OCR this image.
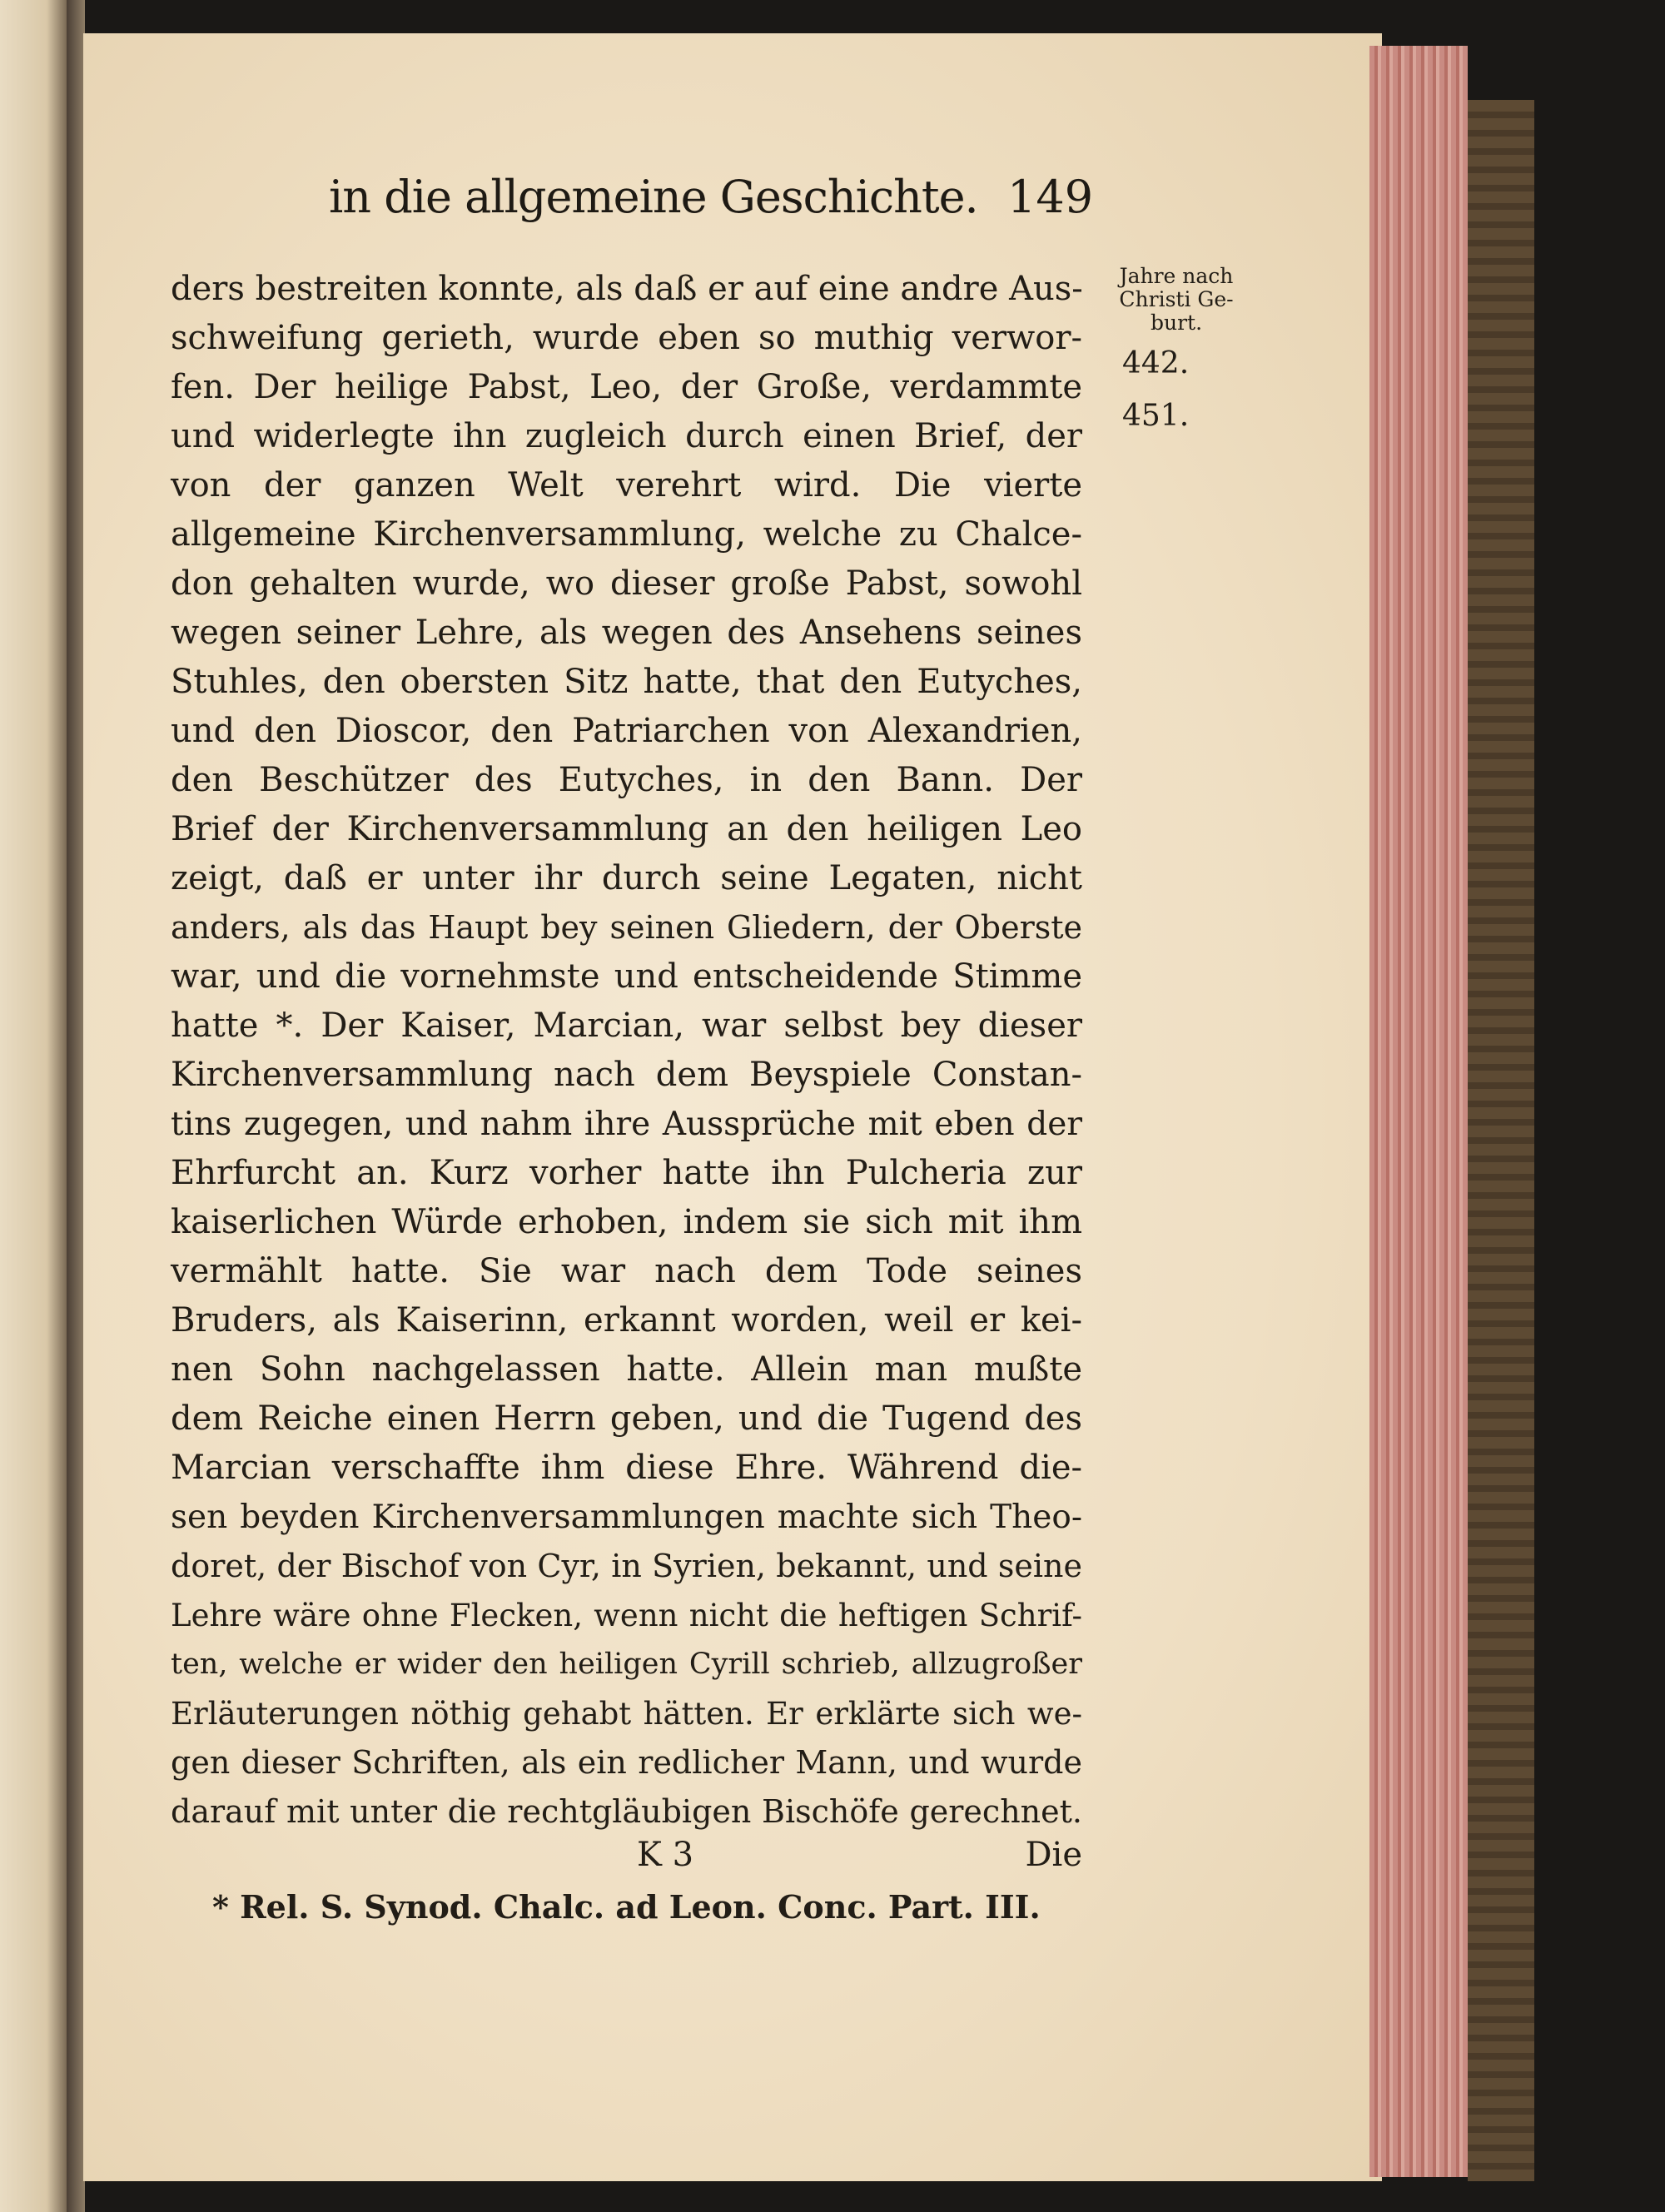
in die allgemeine Geschichte. 149
ders bestreiten konnte, als daß er auf eine andre Aus-
schweifung gerieth, wurde eben so muthig verwor-
fen. Der heilige Pabst, Leo, der Große, verdammte
und widerlegte ihn zugleich durch einen Brief, der
von der ganzen Welt verehrt wird. Die vierte
allgemeine Kirchenversammlung, welche zu Chalce-
don gehalten wurde, wo dieser große Pabst, sowohl
wegen seiner Lehre, als wegen des Ansehens seines
Stuhles, den obersten Sitz hatte, that den Eutyches,
und den Dioscor, den Patriarchen von Alexandrien,
den Beschützer des Eutyches, in den Bann. Der
Brief der Kirchenversammlung an den heiligen Leo
zeigt, daß er unter ihr durch seine Legaten, nicht
anders, als das Haupt bey seinen Gliedern, der Oberste
war, und die vornehmste und entscheidende Stimme
hatte *. Der Kaiser, Marcian, war selbst bey dieser
Kirchenversammlung nach dem Beyspiele Constan-
tins zugegen, und nahm ihre Aussprüche mit eben der
Ehrfurcht an. Kurz vorher hatte ihn Pulcheria zur
kaiserlichen Würde erhoben, indem sie sich mit ihm
vermählt hatte. Sie war nach dem Tode seines
Bruders, als Kaiserinn, erkannt worden, weil er kei-
nen Sohn nachgelassen hatte. Allein man mußte
dem Reiche einen Herrn geben, und die Tugend des
Marcian verschaffte ihm diese Ehre. Während die-
sen beyden Kirchenversammlungen machte sich Theo-
doret, der Bischof von Cyr, in Syrien, bekannt, und seine
Lehre wäre ohne Flecken, wenn nicht die heftigen Schrif-
ten, welche er wider den heiligen Cyrill schrieb, allzugroßer
Erläuterungen nöthig gehabt hätten. Er erklärte sich we-
gen dieser Schriften, als ein redlicher Mann, und wurde
darauf mit unter die rechtgläubigen Bischöfe gerechnet.
Jahre nach
Christi Ge-
burt.
442.
451.
K 3	Die
* Rel. S. Synod. Chalc. ad Leon. Conc. Part. III.
